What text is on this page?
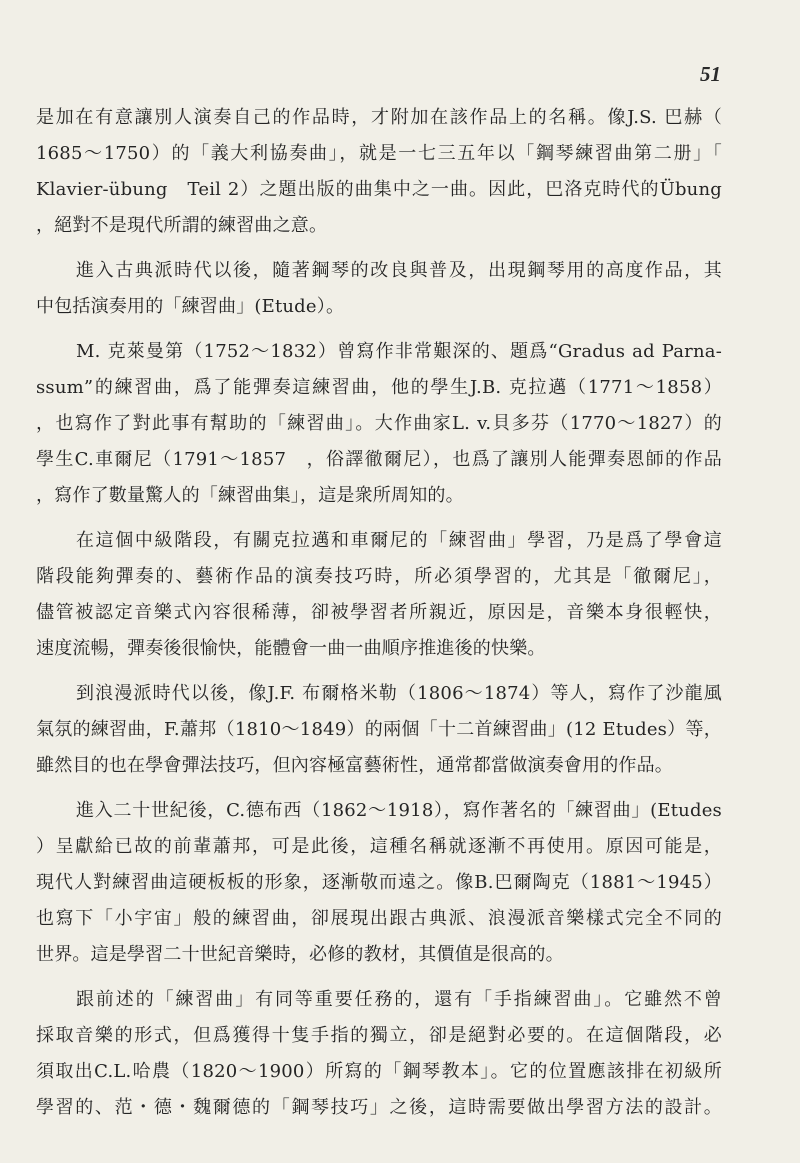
51
是加在有意讓別人演奏自己的作品時，才附加在該作品上的名稱。像J.S. 巴赫（
1685～1750）的「義大利協奏曲」，就是一七三五年以「鋼琴練習曲第二册」「
Klavier-übung　Teil 2）之題出版的曲集中之一曲。因此，巴洛克時代的Übung
，絕對不是現代所謂的練習曲之意。
進入古典派時代以後，隨著鋼琴的改良與普及，出現鋼琴用的高度作品，其
中包括演奏用的「練習曲」(Etude）。
M. 克萊曼第（1752～1832）曾寫作非常艱深的、題爲“Gradus ad Parna-
ssum”的練習曲，爲了能彈奏這練習曲，他的學生J.B. 克拉邁（1771～1858）
，也寫作了對此事有幫助的「練習曲」。大作曲家L. v.貝多芬（1770～1827）的
學生C.車爾尼（1791～1857　，俗譯徹爾尼），也爲了讓別人能彈奏恩師的作品
，寫作了數量驚人的「練習曲集」，這是衆所周知的。
在這個中級階段，有關克拉邁和車爾尼的「練習曲」學習，乃是爲了學會這
階段能夠彈奏的、藝術作品的演奏技巧時，所必須學習的，尤其是「徹爾尼」，
儘管被認定音樂式內容很稀薄，卻被學習者所親近，原因是，音樂本身很輕快，
速度流暢，彈奏後很愉快，能體會一曲一曲順序推進後的快樂。
到浪漫派時代以後，像J.F. 布爾格米勒（1806～1874）等人，寫作了沙龍風
氣氛的練習曲，F.蕭邦（1810～1849）的兩個「十二首練習曲」(12 Etudes）等，
雖然目的也在學會彈法技巧，但內容極富藝術性，通常都當做演奏會用的作品。
進入二十世紀後，C.德布西（1862～1918），寫作著名的「練習曲」(Etudes
）呈獻給已故的前輩蕭邦，可是此後，這種名稱就逐漸不再使用。原因可能是，
現代人對練習曲這硬板板的形象，逐漸敬而遠之。像B.巴爾陶克（1881～1945）
也寫下「小宇宙」般的練習曲，卻展現出跟古典派、浪漫派音樂樣式完全不同的
世界。這是學習二十世紀音樂時，必修的教材，其價值是很高的。
跟前述的「練習曲」有同等重要任務的，還有「手指練習曲」。它雖然不曾
採取音樂的形式，但爲獲得十隻手指的獨立，卻是絕對必要的。在這個階段，必
須取出C.L.哈農（1820～1900）所寫的「鋼琴教本」。它的位置應該排在初級所
學習的、范・德・魏爾德的「鋼琴技巧」之後，這時需要做出學習方法的設計。
